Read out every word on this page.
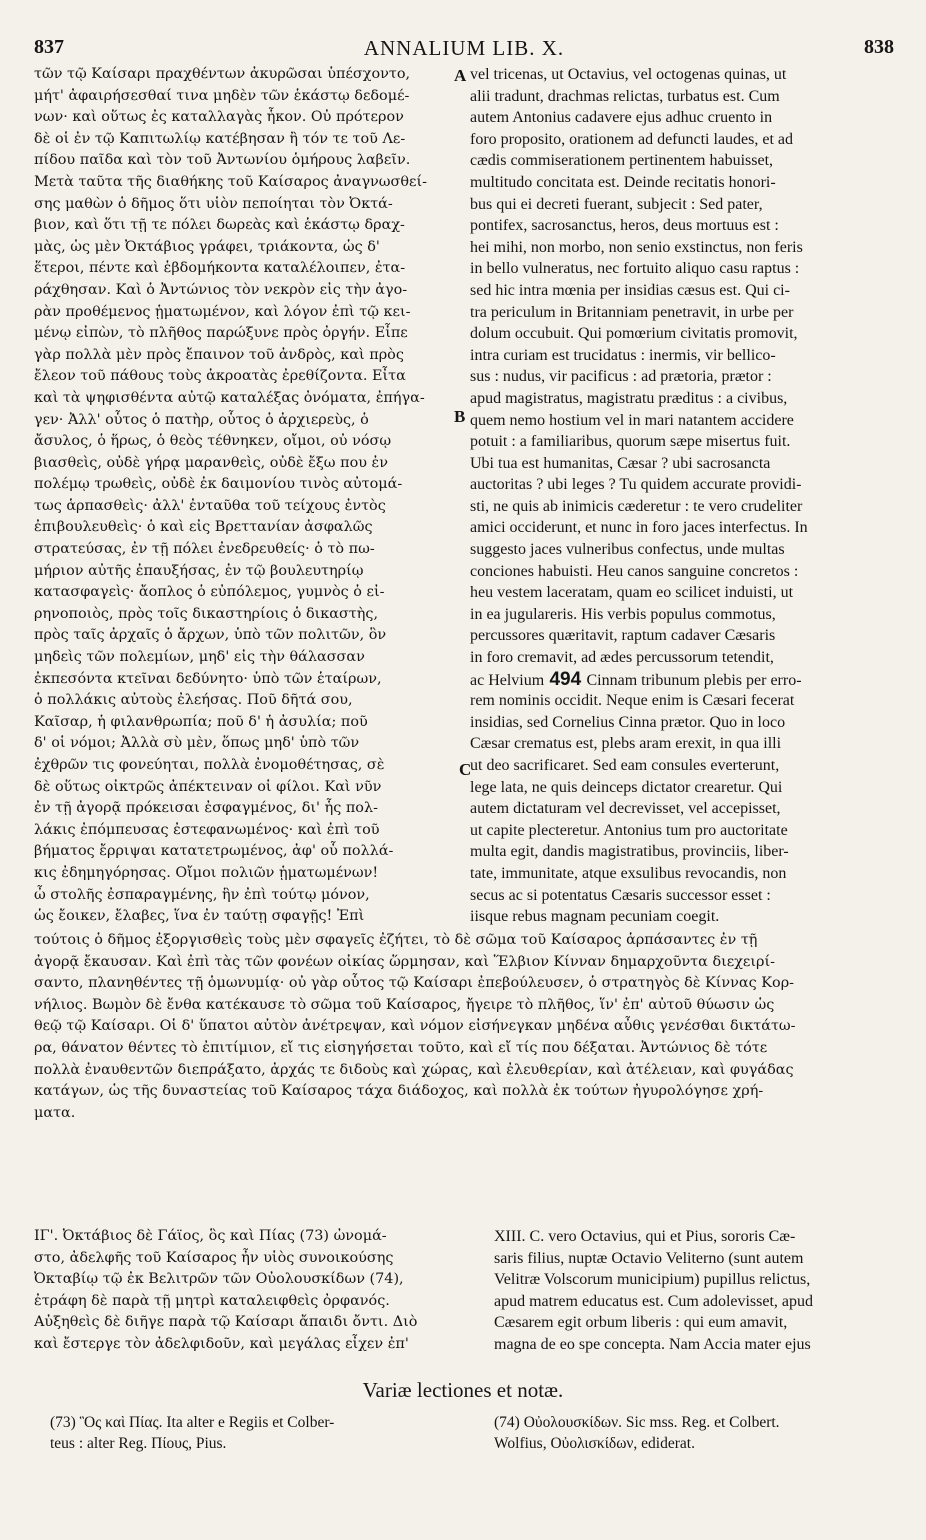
837	ANNALIUM LIB. X.	838
τῶν τῷ Καίσαρι πραχθέντων ἀκυρῶσαι ὑπέσχοντο,
μήτ' ἀφαιρήσεσθαί τινα μηδὲν τῶν ἑκάστῳ δεδομέ-
νων· καὶ οὕτως ἐς καταλλαγὰς ἧκον. Οὐ πρότερον
δὲ οἱ ἐν τῷ Καπιτωλίῳ κατέβησαν ἢ τόν τε τοῦ Λε-
πίδου παῖδα καὶ τὸν τοῦ Ἀντωνίου ὁμήρους λαβεῖν.
Μετὰ ταῦτα τῆς διαθήκης τοῦ Καίσαρος ἀναγνωσθεί-
σης μαθὼν ὁ δῆμος ὅτι υἱὸν πεποίηται τὸν Ὀκτά-
βιον, καὶ ὅτι τῇ τε πόλει δωρεὰς καὶ ἑκάστῳ δραχ-
μὰς, ὡς μὲν Ὀκτάβιος γράφει, τριάκοντα, ὡς δ'
ἕτεροι, πέντε καὶ ἑβδομήκοντα καταλέλοιπεν, ἐτα-
ράχθησαν. Καὶ ὁ Ἀντώνιος τὸν νεκρὸν εἰς τὴν ἀγο-
ρὰν προθέμενος ᾑματωμένον, καὶ λόγον ἐπὶ τῷ κει-
μένῳ εἰπὼν, τὸ πλῆθος παρώξυνε πρὸς ὀργήν. Εἶπε
γὰρ πολλὰ μὲν πρὸς ἔπαινον τοῦ ἀνδρὸς, καὶ πρὸς
ἔλεον τοῦ πάθους τοὺς ἀκροατὰς ἐρεθίζοντα. Εἶτα
καὶ τὰ ψηφισθέντα αὐτῷ καταλέξας ὀνόματα, ἐπήγα-
γεν· Ἀλλ' οὗτος ὁ πατὴρ, οὗτος ὁ ἀρχιερεὺς, ὁ
ἄσυλος, ὁ ἥρως, ὁ θεὸς τέθνηκεν, οἴμοι, οὐ νόσῳ
βιασθεὶς, οὐδὲ γήρᾳ μαρανθεὶς, οὐδὲ ἔξω που ἐν
πολέμῳ τρωθεὶς, οὐδὲ ἐκ δαιμονίου τινὸς αὐτομά-
τως ἁρπασθεὶς· ἀλλ' ἐνταῦθα τοῦ τείχους ἐντὸς
ἐπιβουλευθεὶς· ὁ καὶ εἰς Βρεττανίαν ἀσφαλῶς
στρατεύσας, ἐν τῇ πόλει ἐνεδρευθείς· ὁ τὸ πω-
μήριον αὐτῆς ἐπαυξήσας, ἐν τῷ βουλευτηρίῳ
κατασφαγεὶς· ἄοπλος ὁ εὐπόλεμος, γυμνὸς ὁ εἰ-
ρηνοποιὸς, πρὸς τοῖς δικαστηρίοις ὁ δικαστὴς,
πρὸς ταῖς ἀρχαῖς ὁ ἄρχων, ὑπὸ τῶν πολιτῶν, ὃν
μηδεὶς τῶν πολεμίων, μηδ' εἰς τὴν θάλασσαν
ἐκπεσόντα κτεῖναι δεδύνητο· ὑπὸ τῶν ἑταίρων,
ὁ πολλάκις αὐτοὺς ἐλεήσας. Ποῦ δῆτά σου,
Καῖσαρ, ἡ φιλανθρωπία; ποῦ δ' ἡ ἀσυλία; ποῦ
δ' οἱ νόμοι; Ἀλλὰ σὺ μὲν, ὅπως μηδ' ὑπὸ τῶν
ἐχθρῶν τις φονεύηται, πολλὰ ἐνομοθέτησας, σὲ
δὲ οὕτως οἰκτρῶς ἀπέκτειναν οἱ φίλοι. Καὶ νῦν
ἐν τῇ ἀγορᾷ πρόκεισαι ἐσφαγμένος, δι' ἧς πολ-
λάκις ἐπόμπευσας ἐστεφανωμένος· καὶ ἐπὶ τοῦ
βήματος ἔρριψαι κατατετρωμένος, ἀφ' οὗ πολλά-
κις ἐδημηγόρησας. Οἴμοι πολιῶν ᾑματωμένων!
ὦ στολῆς ἐσπαραγμένης, ἣν ἐπὶ τούτῳ μόνον,
ὡς ἔοικεν, ἔλαβες, ἵνα ἐν ταύτῃ σφαγῇς! Ἐπὶ
vel tricenas, ut Octavius, vel octogenas quinas, ut
alii tradunt, drachmas relictas, turbatus est. Cum
autem Antonius cadavere ejus adhuc cruento in
foro proposito, orationem ad defuncti laudes, et ad
cædis commiserationem pertinentem habuisset,
multitudo concitata est. Deinde recitatis honori-
bus qui ei decreti fuerant, subjecit : Sed pater,
pontifex, sacrosanctus, heros, deus mortuus est :
hei mihi, non morbo, non senio exstinctus, non feris
in bello vulneratus, nec fortuito aliquo casu raptus :
sed hic intra mœnia per insidias cæsus est. Qui ci-
tra periculum in Britanniam penetravit, in urbe per
dolum occubuit. Qui pomœrium civitatis promovit,
intra curiam est trucidatus : inermis, vir bellico-
sus : nudus, vir pacificus : ad prætoria, prætor :
apud magistratus, magistratu præditus : a civibus,
quem nemo hostium vel in mari natantem accidere
potuit : a familiaribus, quorum sæpe misertus fuit.
Ubi tua est humanitas, Cæsar ? ubi sacrosancta
auctoritas ? ubi leges ? Tu quidem accurate providi-
sti, ne quis ab inimicis cæderetur : te vero crudeliter
amici occiderunt, et nunc in foro jaces interfectus. In
suggesto jaces vulneribus confectus, unde multas
conciones habuisti. Heu canos sanguine concretos :
heu vestem laceratam, quam eo scilicet induisti, ut
in ea jugulareris. His verbis populus commotus,
percussores quæritavit, raptum cadaver Cæsaris
in foro cremavit, ad ædes percussorum tetendit,
ac Helvium 494 Cinnam tribunum plebis per erro-
rem nominis occidit. Neque enim is Cæsari fecerat
insidias, sed Cornelius Cinna prætor. Quo in loco
Cæsar crematus est, plebs aram erexit, in qua illi
ut deo sacrificaret. Sed eam consules everterunt,
lege lata, ne quis deinceps dictator crearetur. Qui
autem dictaturam vel decrevisset, vel accepisset,
ut capite plecteretur. Antonius tum pro auctoritate
multa egit, dandis magistratibus, provinciis, liber-
tate, immunitate, atque exsulibus revocandis, non
secus ac si potentatus Cæsaris successor esset :
iisque rebus magnam pecuniam coegit.
A
B
C
τούτοις ὁ δῆμος ἐξοργισθεὶς τοὺς μὲν σφαγεῖς ἐζήτει, τὸ δὲ σῶμα τοῦ Καίσαρος ἁρπάσαντες ἐν τῇ
ἀγορᾷ ἔκαυσαν. Καὶ ἐπὶ τὰς τῶν φονέων οἰκίας ὥρμησαν, καὶ Ἕλβιον Κίνναν δημαρχοῦντα διεχειρί-
σαντο, πλανηθέντες τῇ ὁμωνυμίᾳ· οὐ γὰρ οὗτος τῷ Καίσαρι ἐπεβούλευσεν, ὁ στρατηγὸς δὲ Κίννας Κορ-
νήλιος. Βωμὸν δὲ ἔνθα κατέκαυσε τὸ σῶμα τοῦ Καίσαρος, ἤγειρε τὸ πλῆθος, ἵν' ἐπ' αὐτοῦ θύωσιν ὡς
θεῷ τῷ Καίσαρι. Οἱ δ' ὕπατοι αὐτὸν ἀνέτρεψαν, καὶ νόμον εἰσήνεγκαν μηδένα αὖθις γενέσθαι δικτάτω-
ρα, θάνατον θέντες τὸ ἐπιτίμιον, εἴ τις εἰσηγήσεται τοῦτο, καὶ εἴ τίς που δέξαται. Ἀντώνιος δὲ τότε
πολλὰ ἐναυθεντῶν διεπράξατο, ἀρχάς τε διδοὺς καὶ χώρας, καὶ ἐλευθερίαν, καὶ ἀτέλειαν, καὶ φυγάδας
κατάγων, ὡς τῆς δυναστείας τοῦ Καίσαρος τάχα διάδοχος, καὶ πολλὰ ἐκ τούτων ἠγυρολόγησε χρή-
ματα.
ΙΓ'. Ὀκτάβιος δὲ Γάϊος, ὃς καὶ Πίας (73) ὠνομά-
στο, ἀδελφῆς τοῦ Καίσαρος ἦν υἱὸς συνοικούσης
Ὀκταβίῳ τῷ ἐκ Βελιτρῶν τῶν Οὐολουσκίδων (74),
ἐτράφη δὲ παρὰ τῇ μητρὶ καταλειφθεὶς ὀρφανός.
Αὐξηθεὶς δὲ διῆγε παρὰ τῷ Καίσαρι ἄπαιδι ὄντι. Διὸ
καὶ ἔστεργε τὸν ἀδελφιδοῦν, καὶ μεγάλας εἶχεν ἐπ'
XIII. C. vero Octavius, qui et Pius, sororis Cæ-
saris filius, nuptæ Octavio Veliterno (sunt autem
Velitræ Volscorum municipium) pupillus relictus,
apud matrem educatus est. Cum adolevisset, apud
Cæsarem egit orbum liberis : qui eum amavit,
magna de eo spe concepta. Nam Accia mater ejus
Variæ lectiones et notæ.
(73) Ὃς καὶ Πίας. Ita alter e Regiis et Colber-
teus : alter Reg. Πίους, Pius.
(74) Οὐολουσκίδων. Sic mss. Reg. et Colbert.
Wolfius, Οὐολισκίδων, ediderat.
